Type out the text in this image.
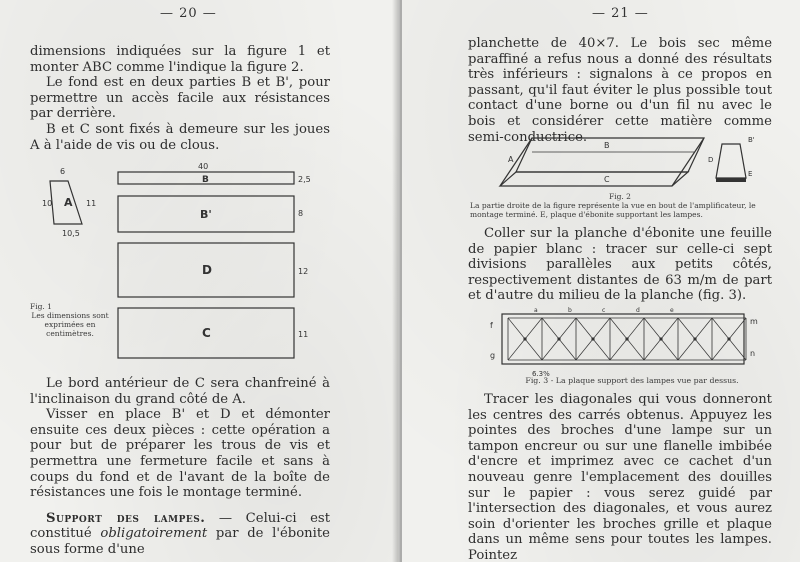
— 20 —

dimensions indiquées sur la figure 1 et monter ABC comme l'indique la figure 2.

Le fond est en deux parties B et B', pour permettre un accès facile aux résistances par derrière.

B et C sont fixés à demeure sur les joues A à l'aide de vis ou de clous.

A
6
10	11
10,5
B
40
2,5
B'	8
D	12
C	11
Fig. 1
Les dimensions sont exprimées en centimètres.

Le bord antérieur de C sera chanfreiné à l'inclinaison du grand côté de A.

Visser en place B' et D et démonter ensuite ces deux pièces : cette opération a pour but de préparer les trous de vis et permettra une fermeture facile et sans à coups du fond et de l'avant de la boîte de résistances une fois le montage terminé.

Support des lampes. — Celui-ci est constitué obligatoirement par de l'ébonite sous forme d'une

— 21 —

planchette de 40×7. Le bois sec même paraffiné a refus nous a donné des résultats très inférieurs : signalons à ce propos en passant, qu'il faut éviter le plus possible tout contact d'une borne ou d'un fil nu avec le bois et considérer cette matière comme semi-conductrice.

A
B
C
B'
D
E
Fig. 2
La partie droite de la figure représente la vue en bout de l'amplificateur, le montage terminé. E, plaque d'ébonite supportant les lampes.

Coller sur la planche d'ébonite une feuille de papier blanc : tracer sur celle-ci sept divisions parallèles aux petits côtés, respectivement distantes de 63 m/m de part et d'autre du milieu de la planche (fig. 3).

f
g
m
n
a	b	c	d	e
6.3%
Fig. 3 - La plaque support des lampes vue par dessus.

Tracer les diagonales qui vous donneront les centres des carrés obtenus. Appuyez les pointes des broches d'une lampe sur un tampon encreur ou sur une flanelle imbibée d'encre et imprimez avec ce cachet d'un nouveau genre l'emplacement des douilles sur le papier : vous serez guidé par l'intersection des diagonales, et vous aurez soin d'orienter les broches grille et plaque dans un même sens pour toutes les lampes. Pointez
